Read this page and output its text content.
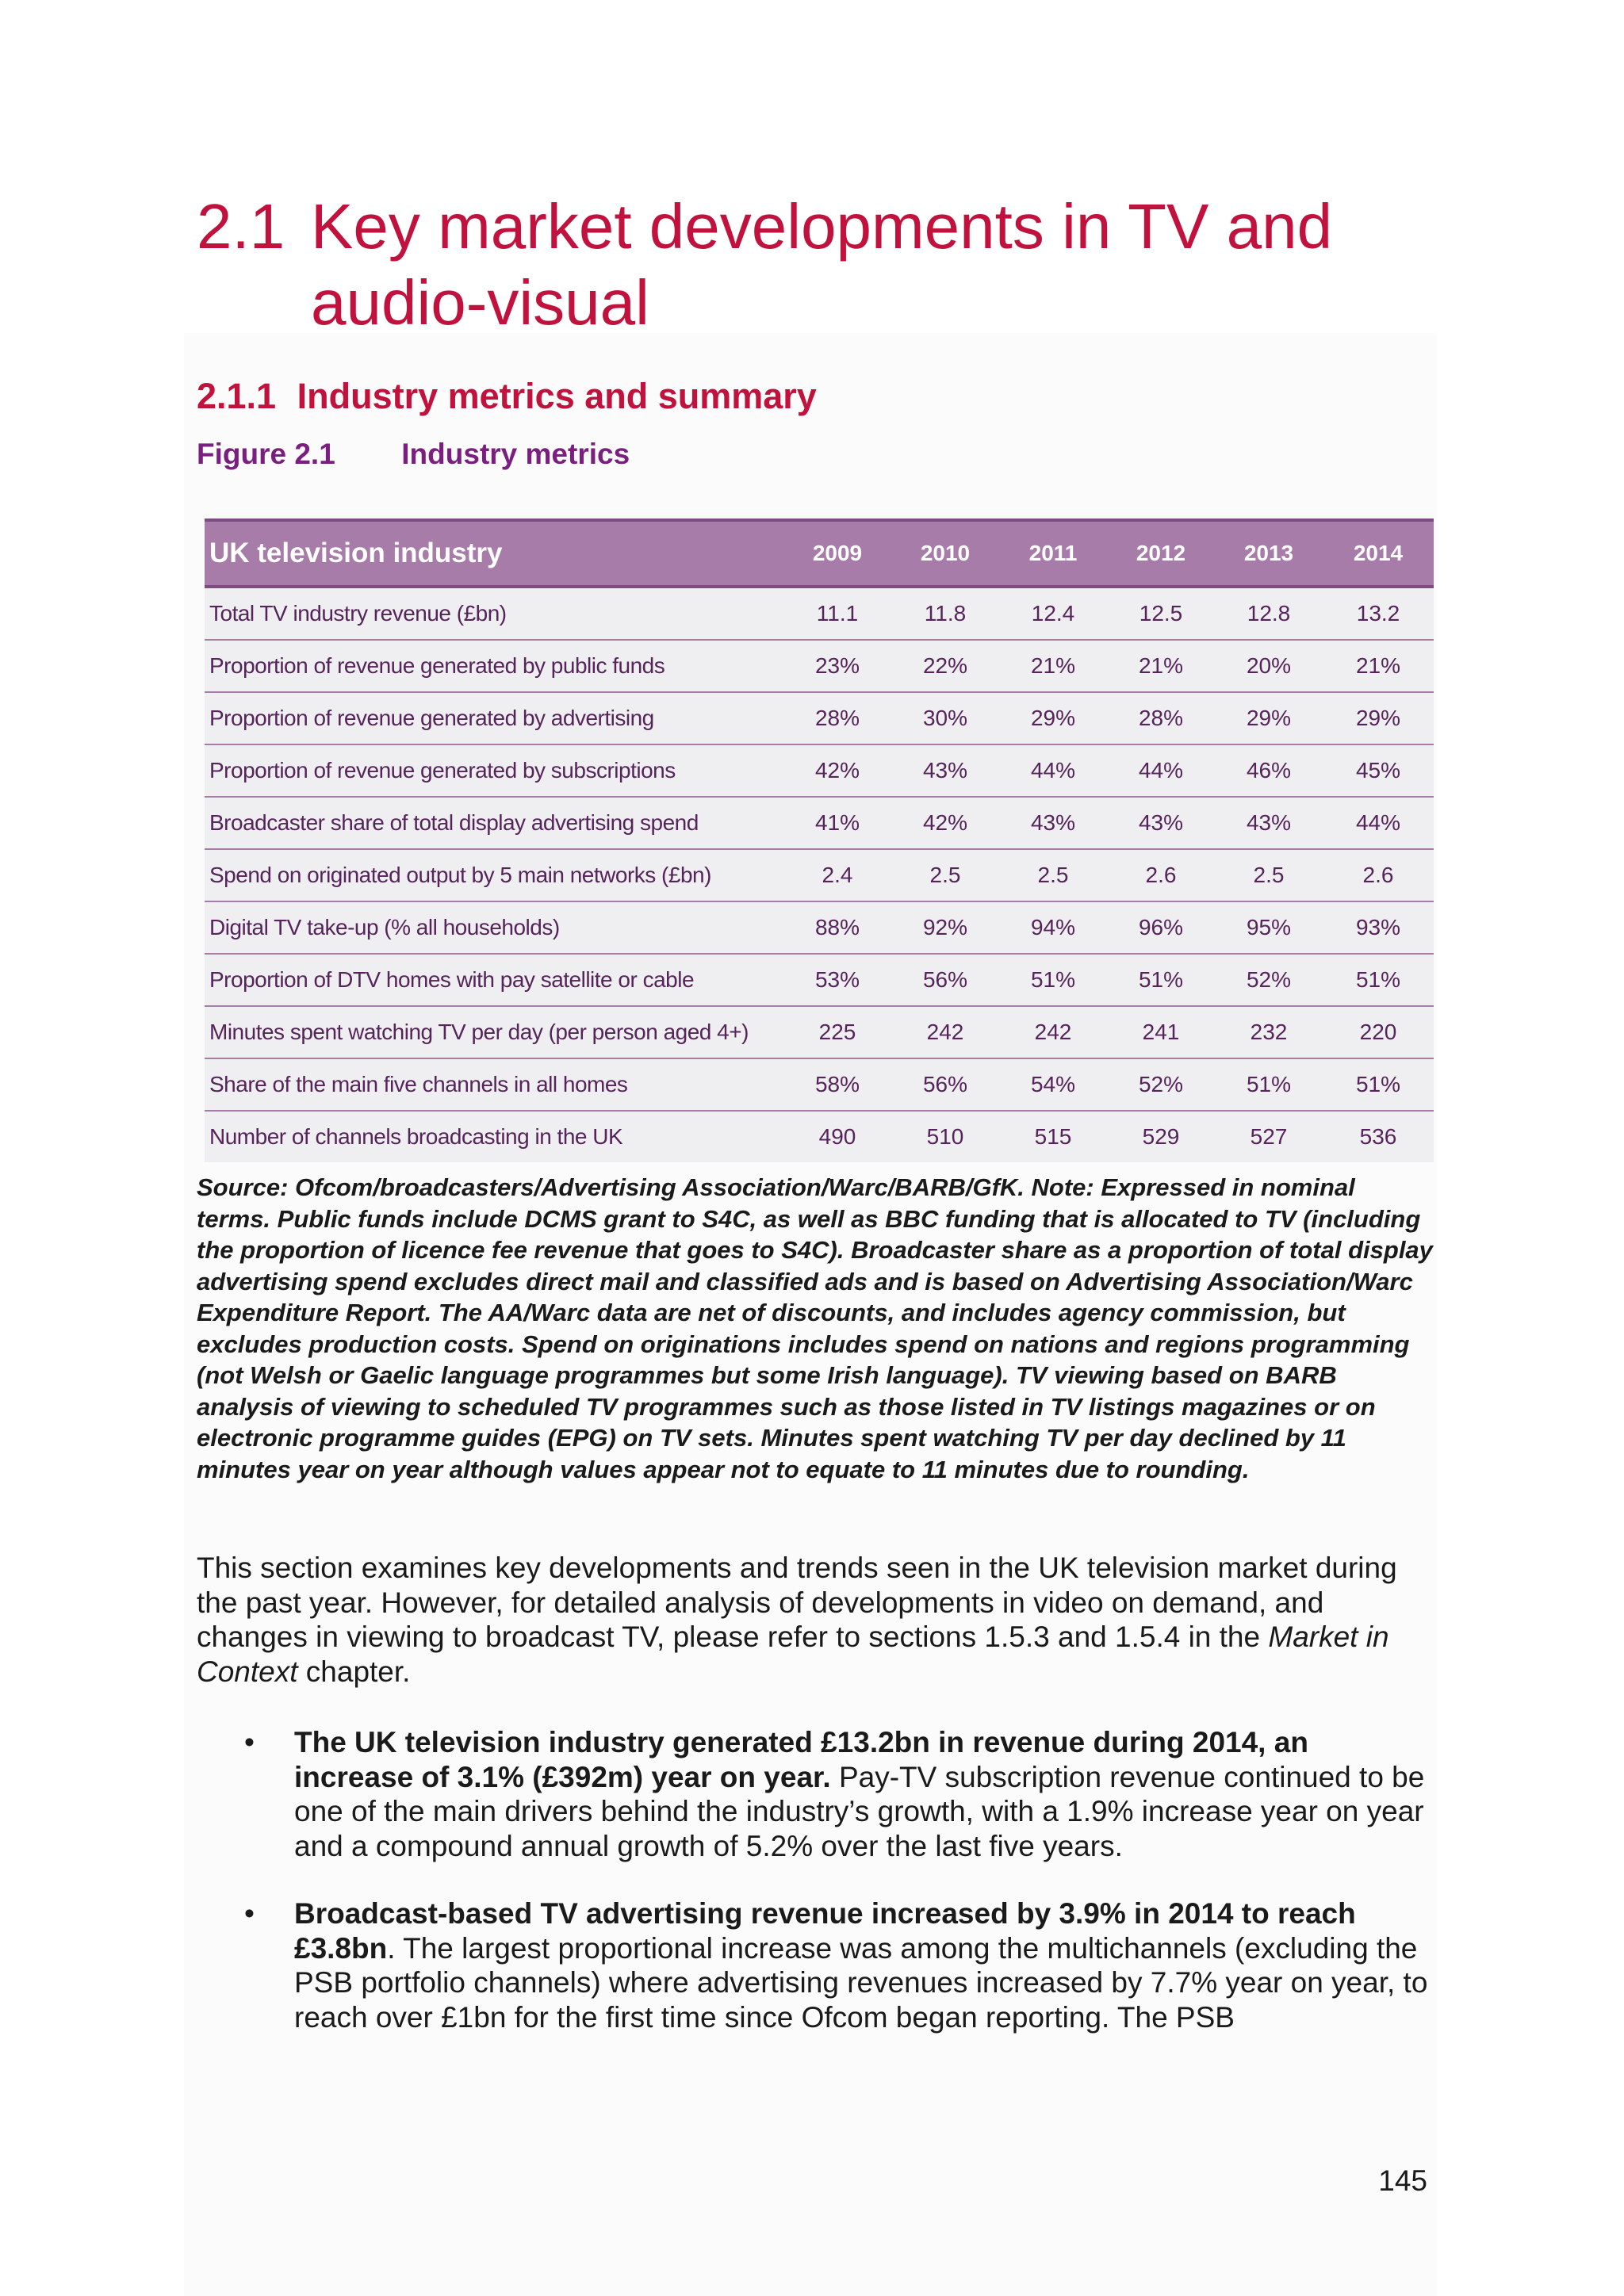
2.1 Key market developments in TV and audio-visual
2.1.1 Industry metrics and summary
Figure 2.1 Industry metrics
UK television industry	2009	2010	2011	2012	2013	2014
Total TV industry revenue (£bn)	11.1	11.8	12.4	12.5	12.8	13.2
Proportion of revenue generated by public funds	23%	22%	21%	21%	20%	21%
Proportion of revenue generated by advertising	28%	30%	29%	28%	29%	29%
Proportion of revenue generated by subscriptions	42%	43%	44%	44%	46%	45%
Broadcaster share of total display advertising spend	41%	42%	43%	43%	43%	44%
Spend on originated output by 5 main networks (£bn)	2.4	2.5	2.5	2.6	2.5	2.6
Digital TV take-up (% all households)	88%	92%	94%	96%	95%	93%
Proportion of DTV homes with pay satellite or cable	53%	56%	51%	51%	52%	51%
Minutes spent watching TV per day (per person aged 4+)	225	242	242	241	232	220
Share of the main five channels in all homes	58%	56%	54%	52%	51%	51%
Number of channels broadcasting in the UK	490	510	515	529	527	536

Source: Ofcom/broadcasters/Advertising Association/Warc/BARB/GfK. Note: Expressed in nominal terms. Public funds include DCMS grant to S4C, as well as BBC funding that is allocated to TV (including the proportion of licence fee revenue that goes to S4C). Broadcaster share as a proportion of total display advertising spend excludes direct mail and classified ads and is based on Advertising Association/Warc Expenditure Report. The AA/Warc data are net of discounts, and includes agency commission, but excludes production costs. Spend on originations includes spend on nations and regions programming (not Welsh or Gaelic language programmes but some Irish language). TV viewing based on BARB analysis of viewing to scheduled TV programmes such as those listed in TV listings magazines or on electronic programme guides (EPG) on TV sets. Minutes spent watching TV per day declined by 11 minutes year on year although values appear not to equate to 11 minutes due to rounding.

This section examines key developments and trends seen in the UK television market during the past year. However, for detailed analysis of developments in video on demand, and changes in viewing to broadcast TV, please refer to sections 1.5.3 and 1.5.4 in the Market in Context chapter.

• The UK television industry generated £13.2bn in revenue during 2014, an increase of 3.1% (£392m) year on year. Pay-TV subscription revenue continued to be one of the main drivers behind the industry’s growth, with a 1.9% increase year on year and a compound annual growth of 5.2% over the last five years.
• Broadcast-based TV advertising revenue increased by 3.9% in 2014 to reach £3.8bn. The largest proportional increase was among the multichannels (excluding the PSB portfolio channels) where advertising revenues increased by 7.7% year on year, to reach over £1bn for the first time since Ofcom began reporting. The PSB
145
